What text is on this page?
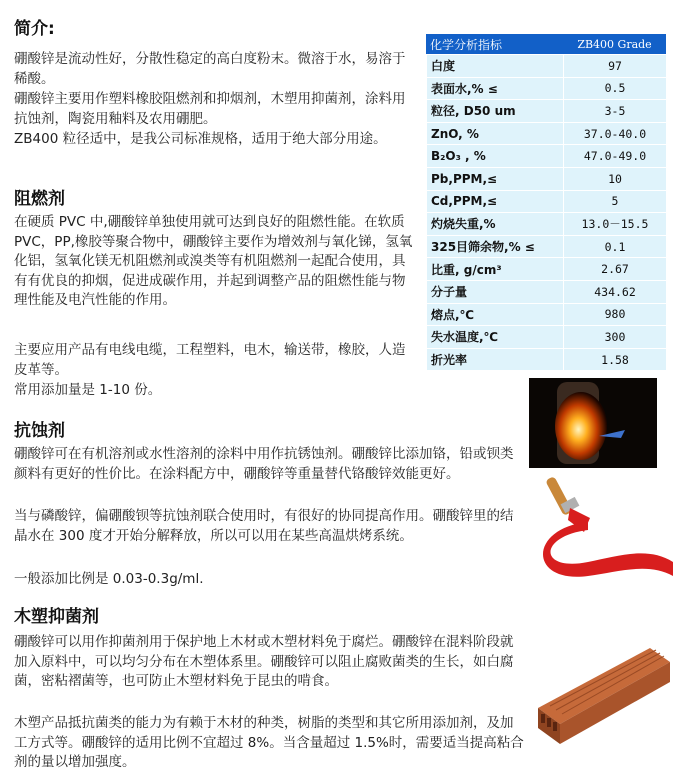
简介:

硼酸锌是流动性好，分散性稳定的高白度粉末。微溶于水，易溶于稀酸。

硼酸锌主要用作塑料橡胶阻燃剂和抑烟剂，木塑用抑菌剂，涂料用抗蚀剂，陶瓷用釉料及农用硼肥。

ZB400 粒径适中，是我公司标准规格，适用于绝大部分用途。

阻燃剂

在硬质 PVC 中,硼酸锌单独使用就可达到良好的阻燃性能。在软质 PVC，PP,橡胶等聚合物中，硼酸锌主要作为增效剂与氧化锑，氢氧化铝，氢氧化镁无机阻燃剂或溴类等有机阻燃剂一起配合使用，具有有优良的抑烟，促进成碳作用，并起到调整产品的阻燃性能与物理性能及电汽性能的作用。

主要应用产品有电线电缆，工程塑料，电木，输送带，橡胶，人造皮革等。

常用添加量是 1-10 份。

化学分析指标	ZB400 Grade
白度	97
表面水,% ≤	0.5
粒径, D50 um	3-5
ZnO, %	37.0-40.0
B₂O₃ , %	47.0-49.0
Pb,PPM,≤	10
Cd,PPM,≤	5
灼烧失重,%	13.0－15.5
325目筛余物,% ≤	0.1
比重, g/cm³	2.67
分子量	434.62
熔点,℃	980
失水温度,℃	300
折光率	1.58
抗蚀剂

硼酸锌可在有机溶剂或水性溶剂的涂料中用作抗锈蚀剂。硼酸锌比添加铬，铅或钡类颜料有更好的性价比。在涂料配方中，硼酸锌等重量替代铬酸锌效能更好。

当与磷酸锌，偏硼酸钡等抗蚀剂联合使用时，有很好的协同提高作用。硼酸锌里的结晶水在 300 度才开始分解释放，所以可以用在某些高温烘烤系统。

一般添加比例是 0.03-0.3g/ml.

木塑抑菌剂

硼酸锌可以用作抑菌剂用于保护地上木材或木塑材料免于腐烂。硼酸锌在混料阶段就加入原料中，可以均匀分布在木塑体系里。硼酸锌可以阻止腐败菌类的生长，如白腐菌，密粘褶菌等，也可防止木塑材料免于昆虫的啃食。

木塑产品抵抗菌类的能力为有赖于木材的种类，树脂的类型和其它所用添加剂，及加工方式等。硼酸锌的适用比例不宜超过 8%。当含量超过 1.5%时，需要适当提高粘合剂的量以增加强度。
